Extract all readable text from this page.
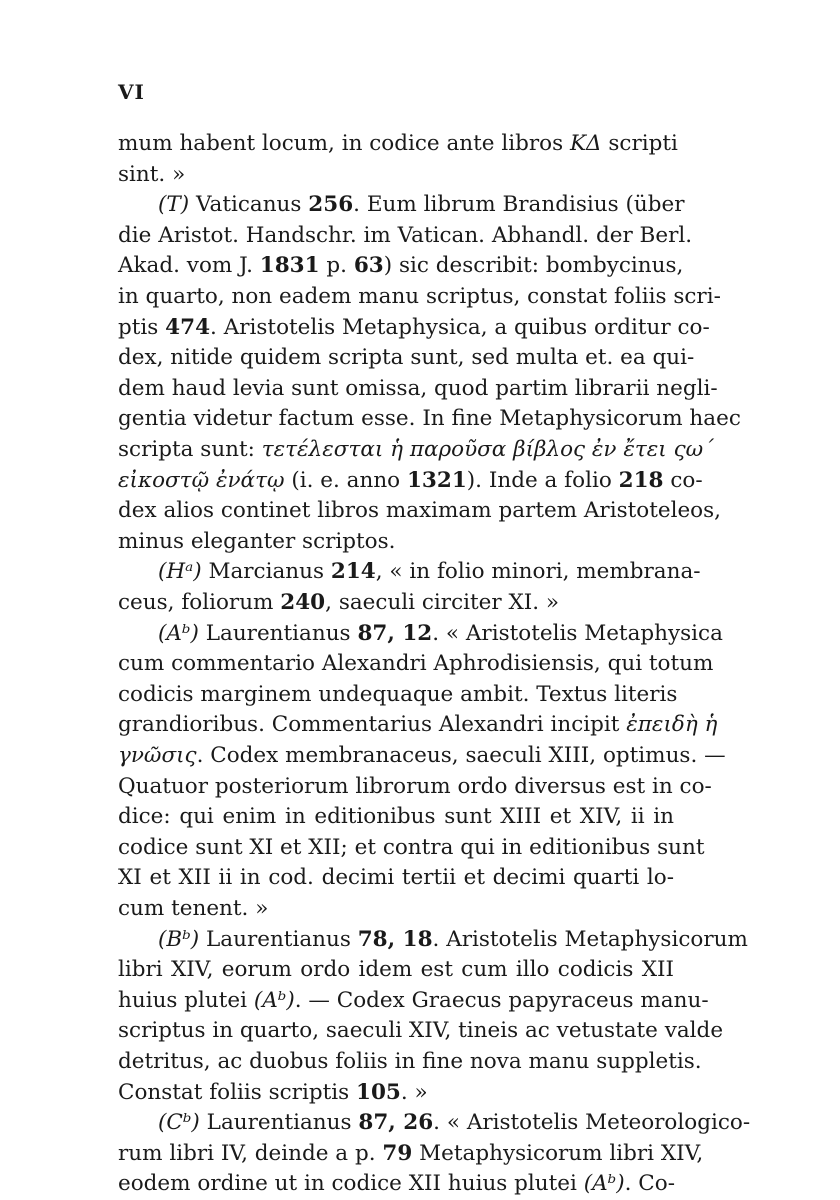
VI
mum habent locum, in codice ante libros KΔ scripti
sint. »
(T) Vaticanus 256. Eum librum Brandisius (über
die Aristot. Handschr. im Vatican. Abhandl. der Berl.
Akad. vom J. 1831 p. 63) sic describit: bombycinus,
in quarto, non eadem manu scriptus, constat foliis scri-
ptis 474. Aristotelis Metaphysica, a quibus orditur co-
dex, nitide quidem scripta sunt, sed multa et. ea qui-
dem haud levia sunt omissa, quod partim librarii negli-
gentia videtur factum esse. In fine Metaphysicorum haec
scripta sunt: τετέλεσται ἡ παροῦσα βίβλος ἐν ἔτει ςω΄
εἰκοστῷ ἐνάτῳ (i. e. anno 1321). Inde a folio 218 co-
dex alios continet libros maximam partem Aristoteleos,
minus eleganter scriptos.
(Hᵃ) Marcianus 214, « in folio minori, membrana-
ceus, foliorum 240, saeculi circiter XI. »
(Aᵇ) Laurentianus 87, 12. « Aristotelis Metaphysica
cum commentario Alexandri Aphrodisiensis, qui totum
codicis marginem undequaque ambit. Textus literis
grandioribus. Commentarius Alexandri incipit ἐπειδὴ ἡ
γνῶσις. Codex membranaceus, saeculi XIII, optimus. —
Quatuor posteriorum librorum ordo diversus est in co-
dice: qui enim in editionibus sunt XIII et XIV, ii in
codice sunt XI et XII; et contra qui in editionibus sunt
XI et XII ii in cod. decimi tertii et decimi quarti lo-
cum tenent. »
(Bᵇ) Laurentianus 78, 18. Aristotelis Metaphysicorum
libri XIV, eorum ordo idem est cum illo codicis XII
huius plutei (Aᵇ). — Codex Graecus papyraceus manu-
scriptus in quarto, saeculi XIV, tineis ac vetustate valde
detritus, ac duobus foliis in fine nova manu suppletis.
Constat foliis scriptis 105. »
(Cᵇ) Laurentianus 87, 26. « Aristotelis Meteorologico-
rum libri IV, deinde a p. 79 Metaphysicorum libri XIV,
eodem ordine ut in codice XII huius plutei (Aᵇ). Co-
